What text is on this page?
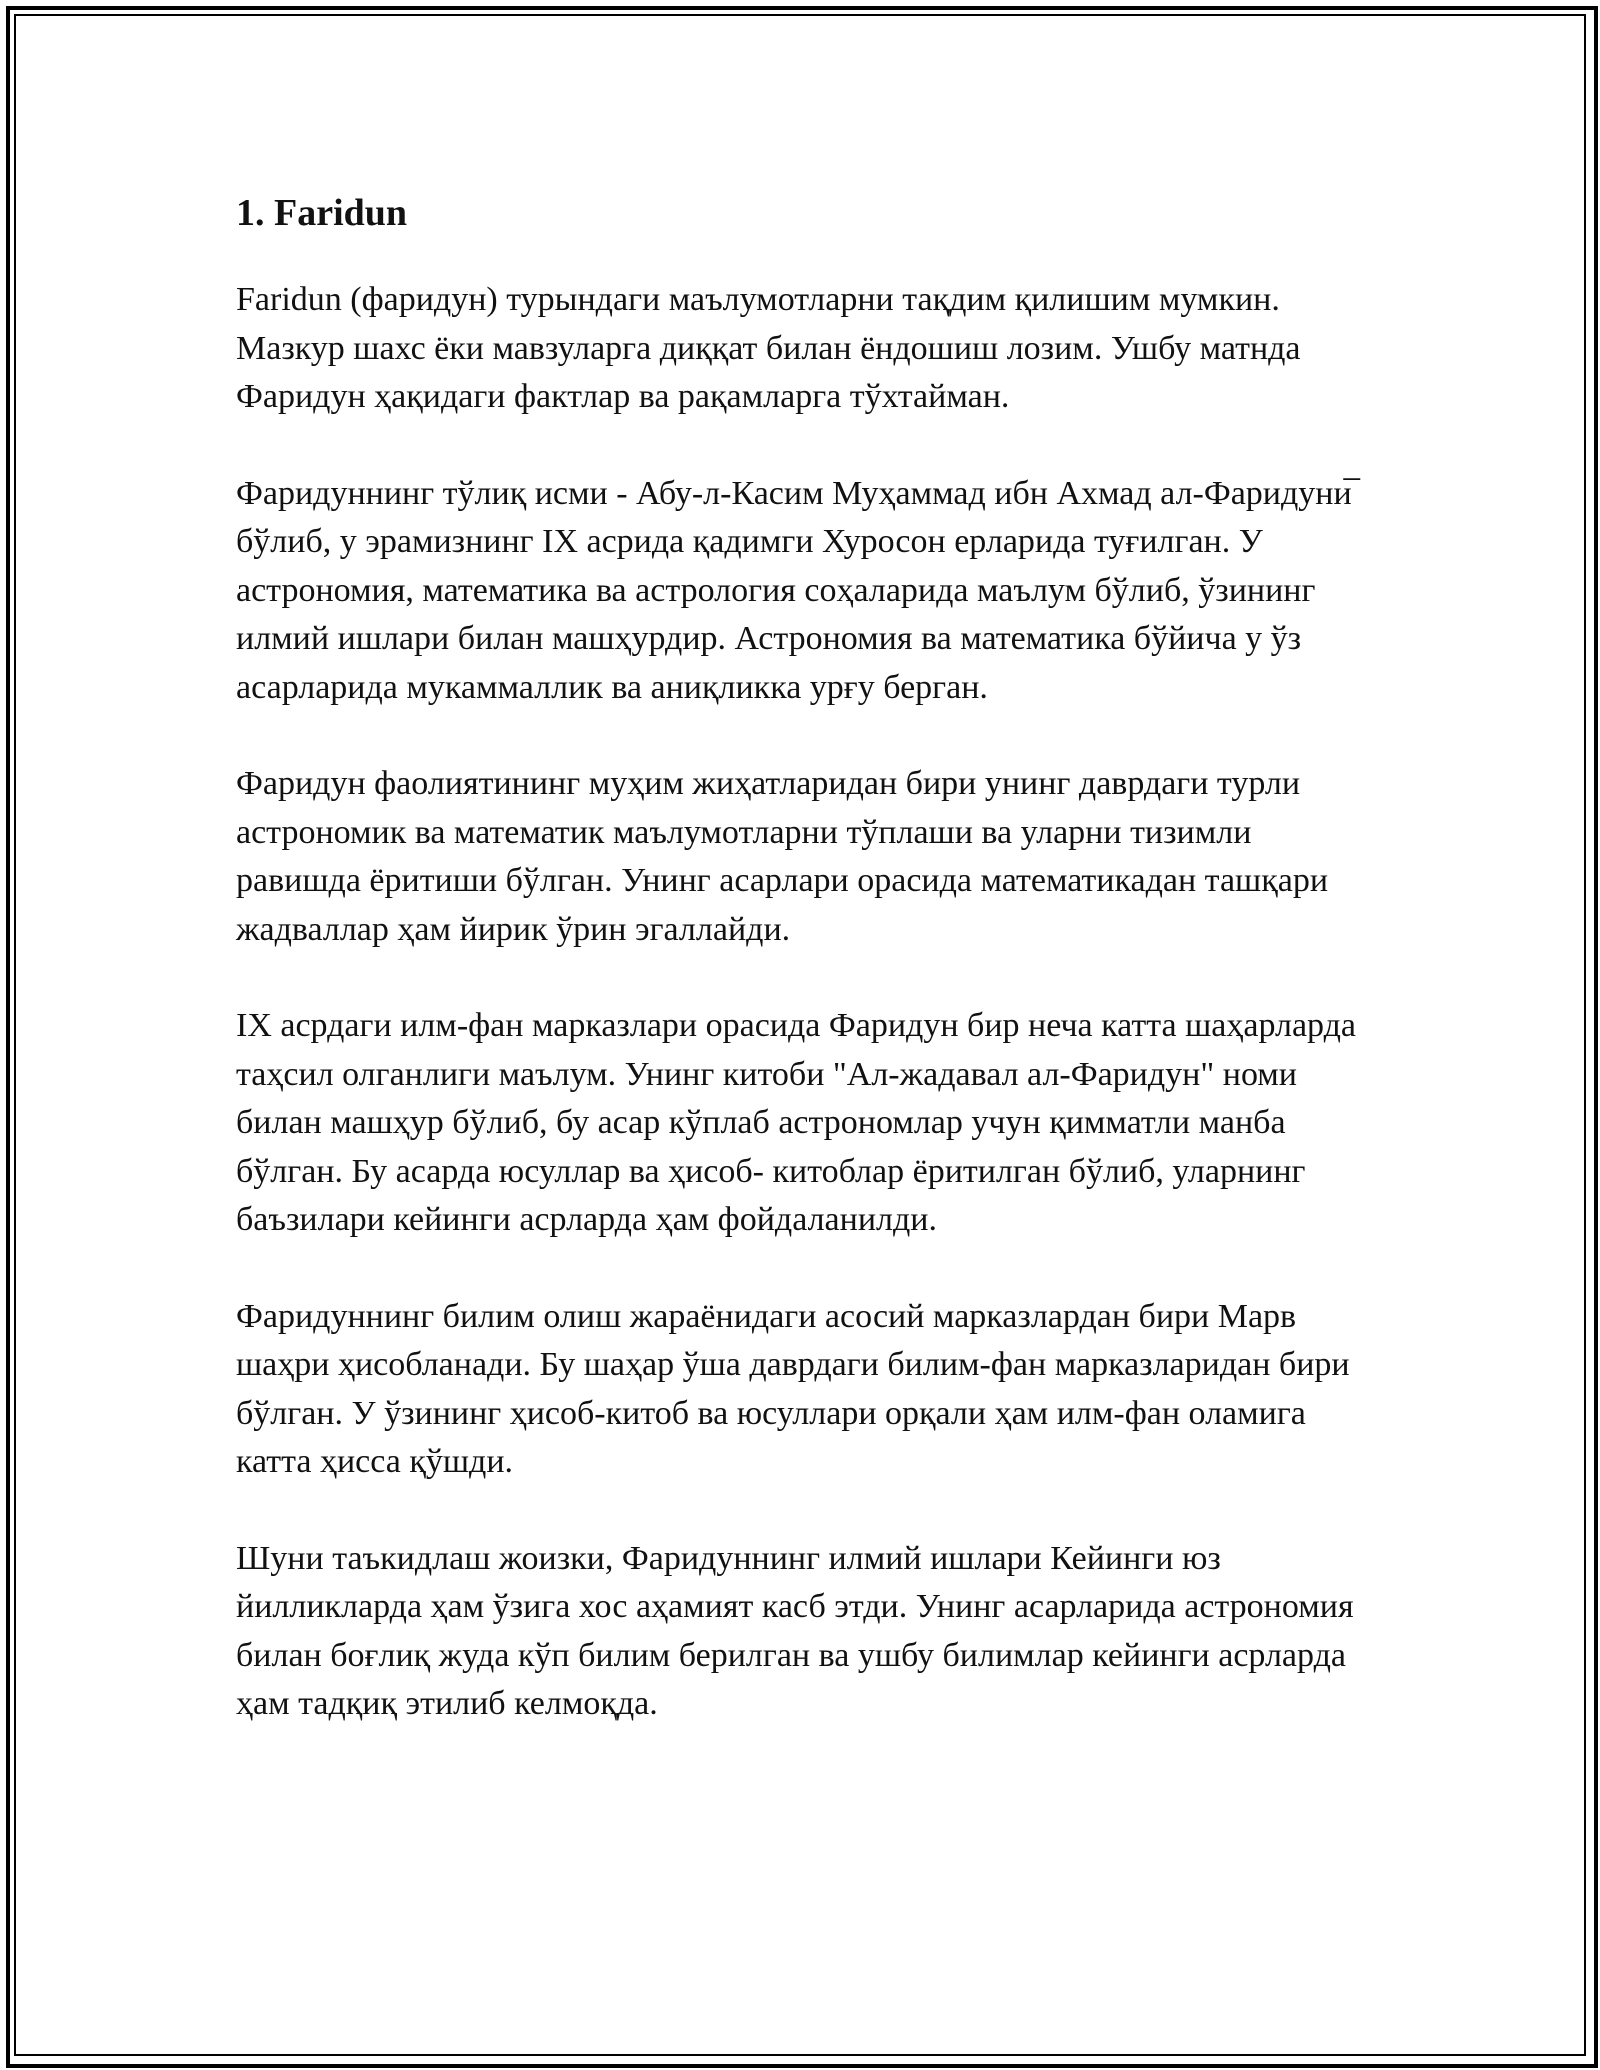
1. Faridun

Faridun (фаридун) турындаги маълумотларни тақдим қилишим мумкин. Мазкур шахс ёки мавзуларга диққат билан ёндошиш лозим. Ушбу матнда Фаридун ҳақидаги фактлар ва рақамларга тўхтайман.

Фаридуннинг тўлиқ исми - Абу-л-Касим Муҳаммад ибн Ахмад ал-Фаридуни̅ бўлиб, у эрамизнинг IX асрида қадимги Хуросон ерларида туғилган. У астрономия, математика ва астрология соҳаларида маълум бўлиб, ўзининг илмий ишлари билан машҳурдир. Астрономия ва математика бўйича у ўз асарларида мукаммаллик ва аниқликка урғу берган.

Фаридун фаолиятининг муҳим жиҳатларидан бири унинг даврдаги турли астрономик ва математик маълумотларни тўплаши ва уларни тизимли равишда ёритиши бўлган. Унинг асарлари орасида математикадан ташқари жадваллар ҳам йирик ўрин эгаллайди.

IX асрдаги илм-фан марказлари орасида Фаридун бир неча катта шаҳарларда таҳсил олганлиги маълум. Унинг китоби "Ал-жадавал ал-Фаридун" номи билан машҳур бўлиб, бу асар кўплаб астрономлар учун қимматли манба бўлган. Бу асарда юсуллар ва ҳисоб- китоблар ёритилган бўлиб, уларнинг баъзилари кейинги асрларда ҳам фойдаланилди.

Фаридуннинг билим олиш жараёнидаги асосий марказлардан бири Марв шаҳри ҳисобланади. Бу шаҳар ўша даврдаги билим-фан марказларидан бири бўлган. У ўзининг ҳисоб-китоб ва юсуллари орқали ҳам илм-фан оламига катта ҳисса қўшди.

Шуни таъкидлаш жоизки, Фаридуннинг илмий ишлари Кейинги юз йилликларда ҳам ўзига хос аҳамият касб этди. Унинг асарларида астрономия билан боғлиқ жуда кўп билим берилган ва ушбу билимлар кейинги асрларда ҳам тадқиқ этилиб келмоқда.
